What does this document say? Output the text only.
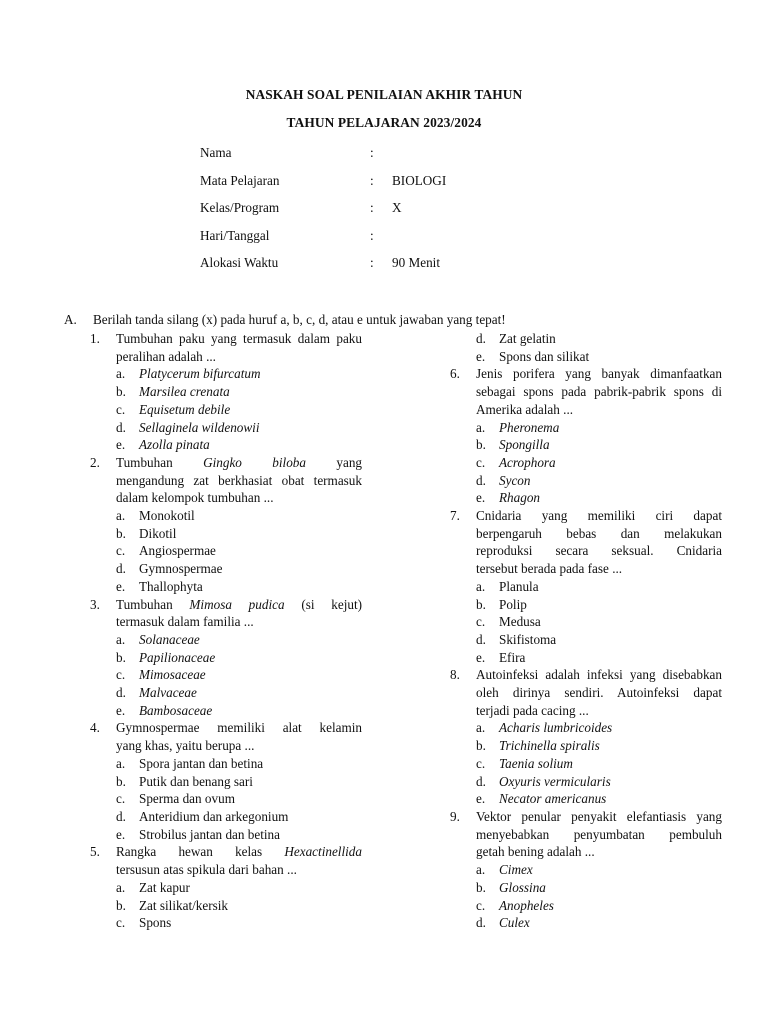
NASKAH SOAL PENILAIAN AKHIR TAHUN
TAHUN PELAJARAN 2023/2024
Nama	:
Mata Pelajaran	: BIOLOGI
Kelas/Program	: X
Hari/Tanggal	:
Alokasi Waktu	: 90 Menit
A. Berilah tanda silang (x) pada huruf a, b, c, d, atau e untuk jawaban yang tepat!
1. Tumbuhan paku yang termasuk dalam paku
peralihan adalah ...
a.	Platycerum bifurcatum
b. Marsilea crenata
c.	Equisetum debile
d. Sellaginela wildenowii
e.	Azolla pinata
2. Tumbuhan Gingko biloba yang
mengandung zat berkhasiat obat termasuk
dalam kelompok tumbuhan ...
a.	Monokotil
b. Dikotil
c.	Angiospermae
d. Gymnospermae
e.	Thallophyta
3. Tumbuhan Mimosa pudica (si kejut)
termasuk dalam familia ...
a.	Solanaceae
b. Papilionaceae
c.	Mimosaceae
d. Malvaceae
e.	Bambosaceae
4. Gymnospermae memiliki alat kelamin
yang khas, yaitu berupa ...
a.	Spora jantan dan betina
b. Putik dan benang sari
c.	Sperma dan ovum
d. Anteridium dan arkegonium
e.	Strobilus jantan dan betina
5. Rangka hewan kelas Hexactinellida
tersusun atas spikula dari bahan ...
a.	Zat kapur
b. Zat silikat/kersik
c.	Spons
d. Zat gelatin
e.	Spons dan silikat
6. Jenis porifera yang banyak dimanfaatkan
sebagai spons pada pabrik-pabrik spons di
Amerika adalah ...
a.	Pheronema
b. Spongilla
c.	Acrophora
d. Sycon
e.	Rhagon
7. Cnidaria yang memiliki ciri dapat
berpengaruh bebas dan melakukan
reproduksi secara seksual. Cnidaria
tersebut berada pada fase ...
a.	Planula
b. Polip
c.	Medusa
d. Skifistoma
e.	Efira
8. Autoinfeksi adalah infeksi yang disebabkan
oleh dirinya sendiri. Autoinfeksi dapat
terjadi pada cacing ...
a.	Acharis lumbricoides
b. Trichinella spiralis
c.	Taenia solium
d. Oxyuris vermicularis
e.	Necator americanus
9. Vektor penular penyakit elefantiasis yang
menyebabkan penyumbatan pembuluh
getah bening adalah ...
a.	Cimex
b. Glossina
c.	Anopheles
d. Culex
